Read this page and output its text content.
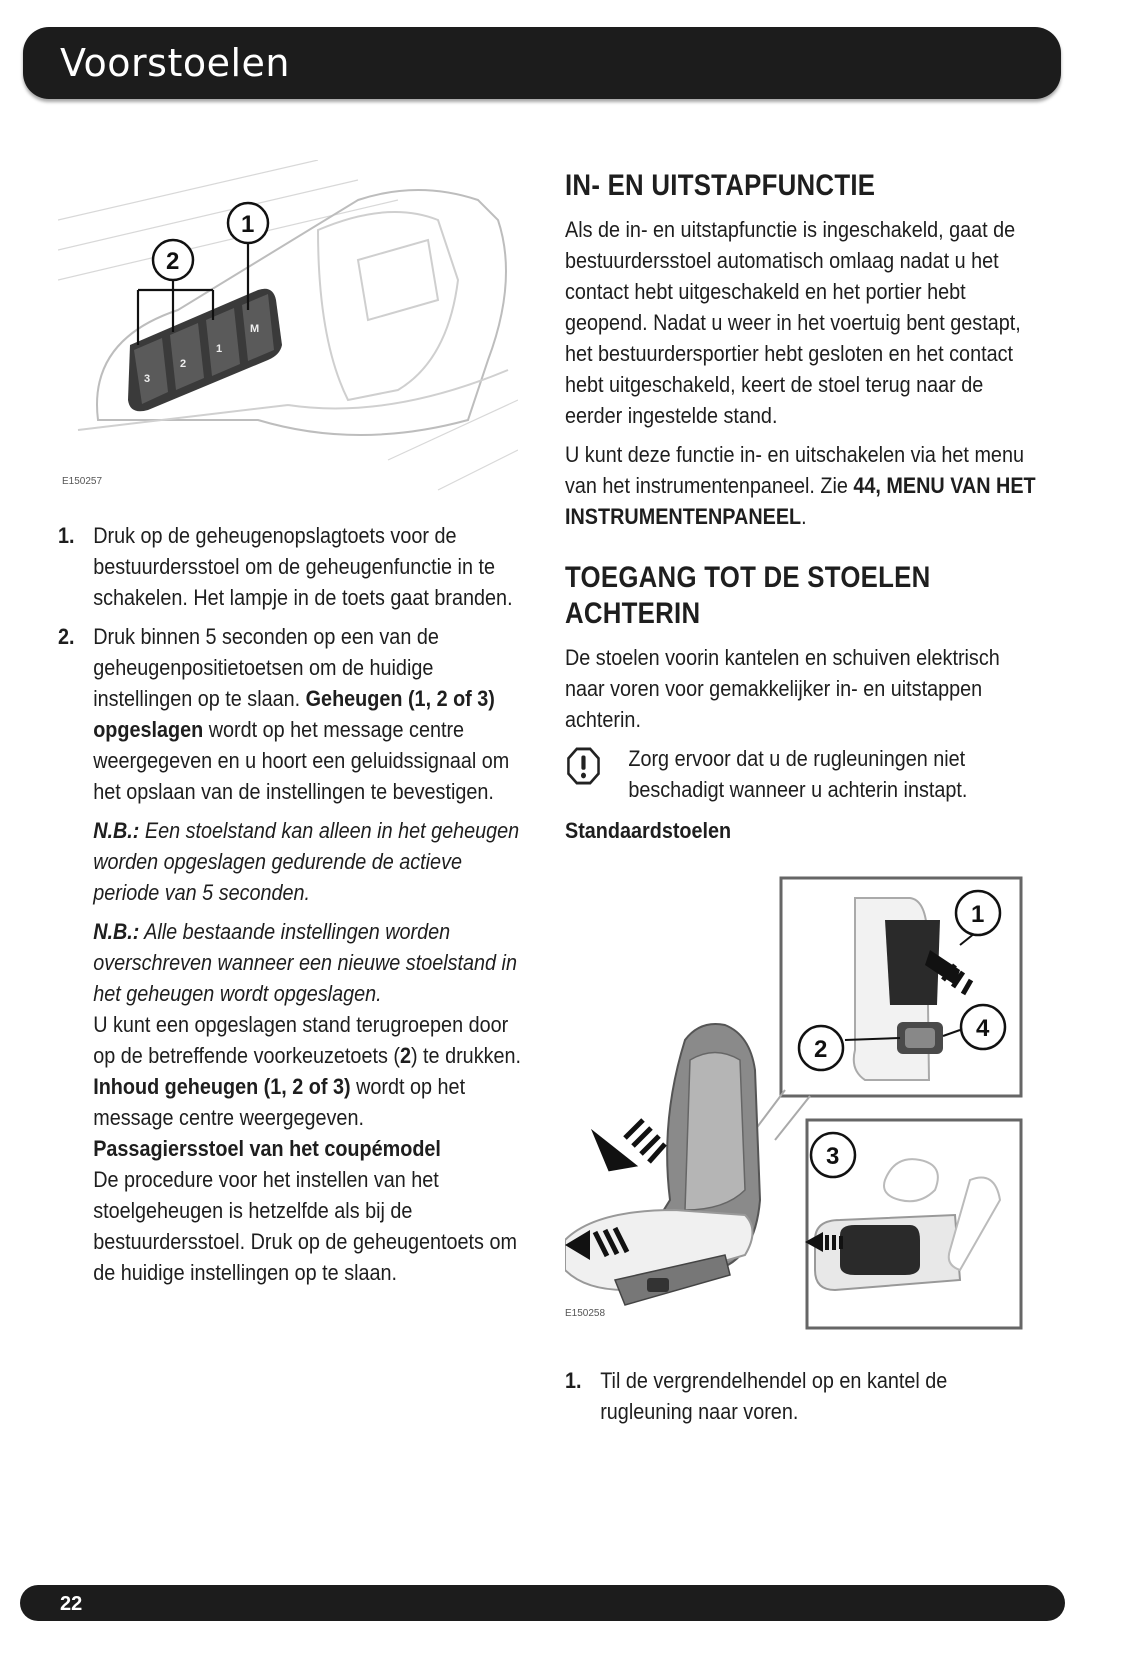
Voorstoelen
3
2
1
M
1
2
E150257
1. Druk op de geheugenopslagtoets voor de bestuurdersstoel om de geheugenfunctie in te schakelen. Het lampje in de toets gaat branden.
2. Druk binnen 5 seconden op een van de geheugenpositietoetsen om de huidige instellingen op te slaan. Geheugen (1, 2 of 3) opgeslagen wordt op het message centre weergegeven en u hoort een geluidssignaal om het opslaan van de instellingen te bevestigen.

N.B.: Een stoelstand kan alleen in het geheugen worden opgeslagen gedurende de actieve periode van 5 seconden.

N.B.: Alle bestaande instellingen worden overschreven wanneer een nieuwe stoelstand in het geheugen wordt opgeslagen.

U kunt een opgeslagen stand terugroepen door op de betreffende voorkeuzetoets (2) te drukken. Inhoud geheugen (1, 2 of 3) wordt op het message centre weergegeven.

Passagiersstoel van het coupémodel

De procedure voor het instellen van het stoelgeheugen is hetzelfde als bij de bestuurdersstoel. Druk op de geheugentoets om de huidige instellingen op te slaan.

IN- EN UITSTAPFUNCTIE

Als de in- en uitstapfunctie is ingeschakeld, gaat de bestuurdersstoel automatisch omlaag nadat u het contact hebt uitgeschakeld en het portier hebt geopend. Nadat u weer in het voertuig bent gestapt, het bestuurdersportier hebt gesloten en het contact hebt uitgeschakeld, keert de stoel terug naar de eerder ingestelde stand.

U kunt deze functie in- en uitschakelen via het menu van het instrumentenpaneel. Zie 44, MENU VAN HET INSTRUMENTENPANEEL.

TOEGANG TOT DE STOELEN ACHTERIN

De stoelen voorin kantelen en schuiven elektrisch naar voren voor gemakkelijker in- en uitstappen achterin.

Zorg ervoor dat u de rugleuningen niet beschadigt wanneer u achterin instapt.

Standaardstoelen

1
2
4
3
E150258
1. Til de vergrendelhendel op en kantel de rugleuning naar voren.
22
